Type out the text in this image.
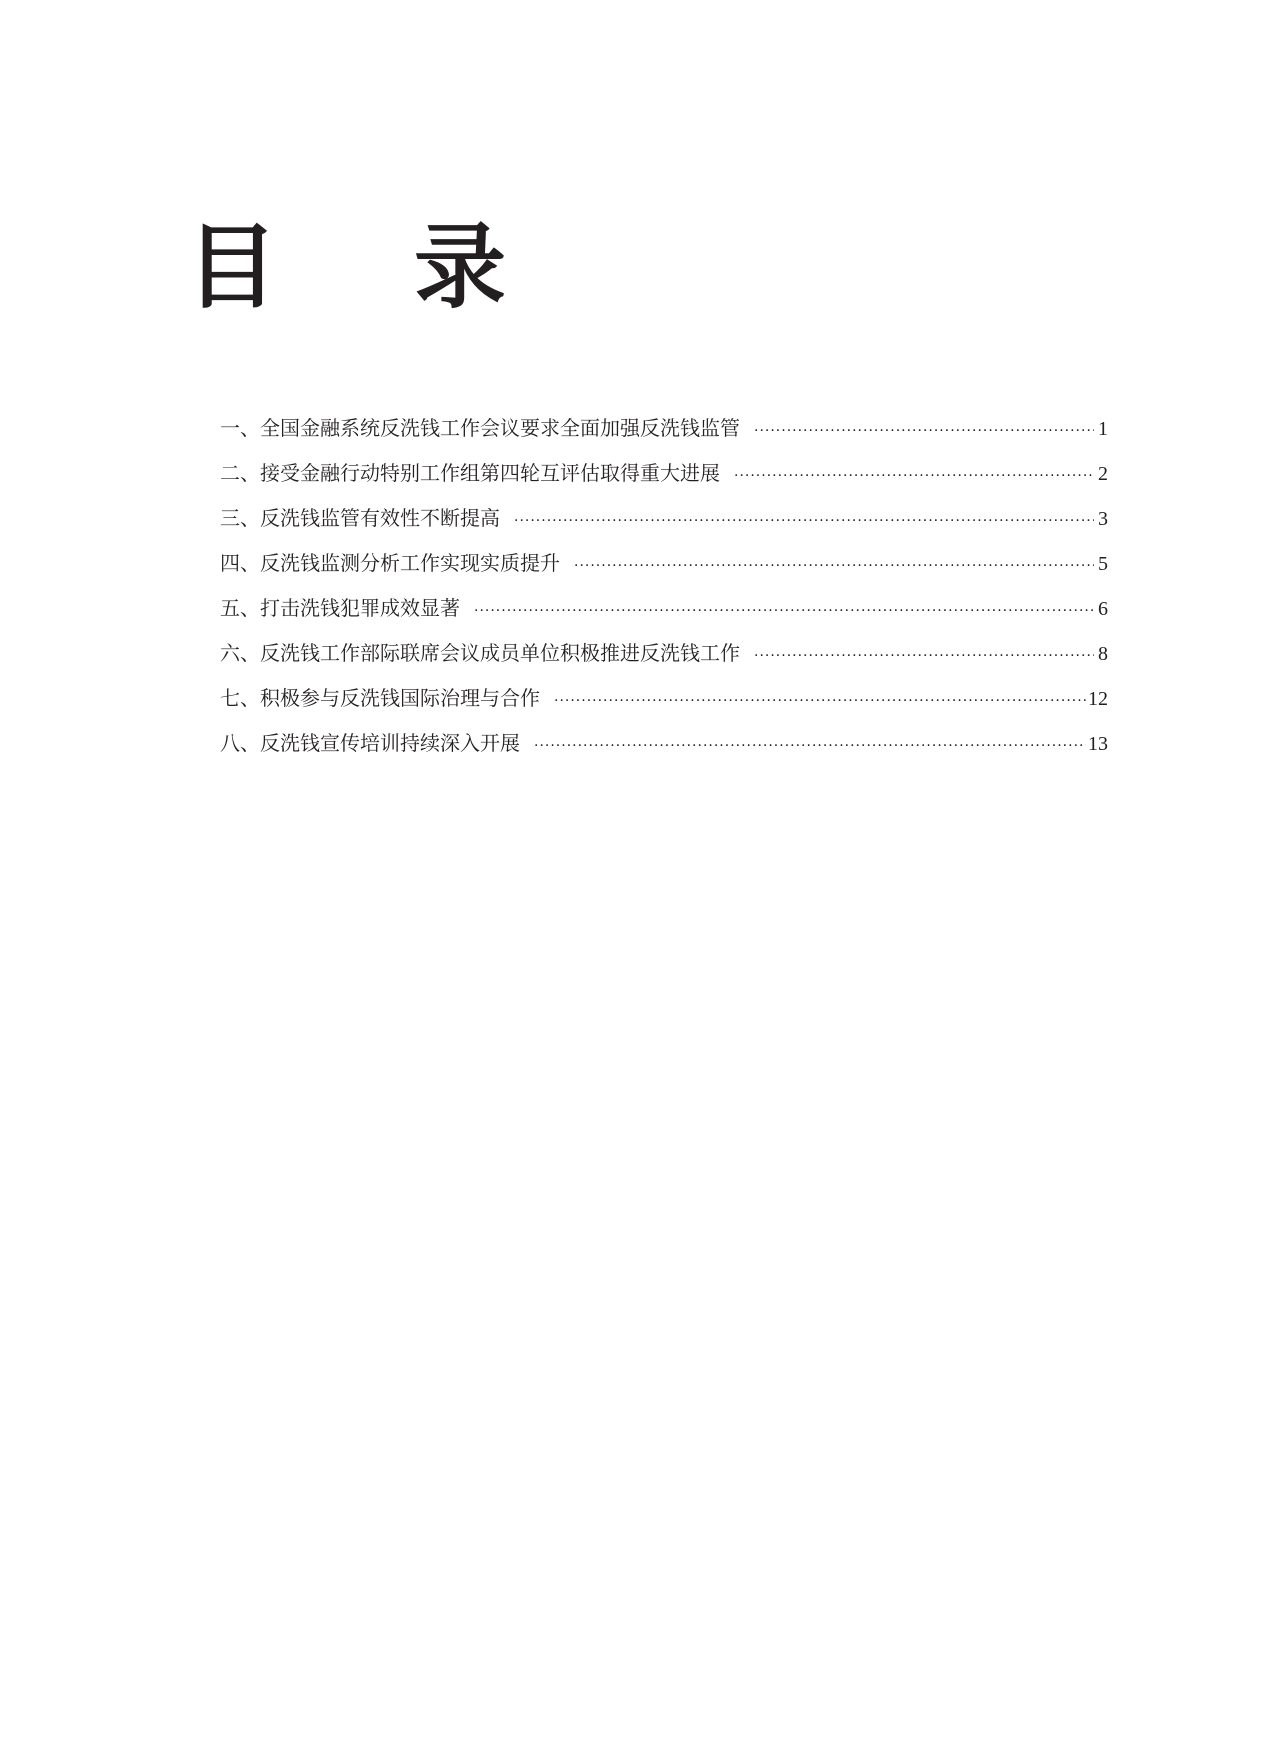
目 录
一、全国金融系统反洗钱工作会议要求全面加强反洗钱监管 ·····	1
二、接受金融行动特别工作组第四轮互评估取得重大进展 ·····	2
三、反洗钱监管有效性不断提高 ·····	3
四、反洗钱监测分析工作实现实质提升 ·····	5
五、打击洗钱犯罪成效显著 ·····	6
六、反洗钱工作部际联席会议成员单位积极推进反洗钱工作 ·····	8
七、积极参与反洗钱国际治理与合作 ·····	12
八、反洗钱宣传培训持续深入开展 ·····	13
